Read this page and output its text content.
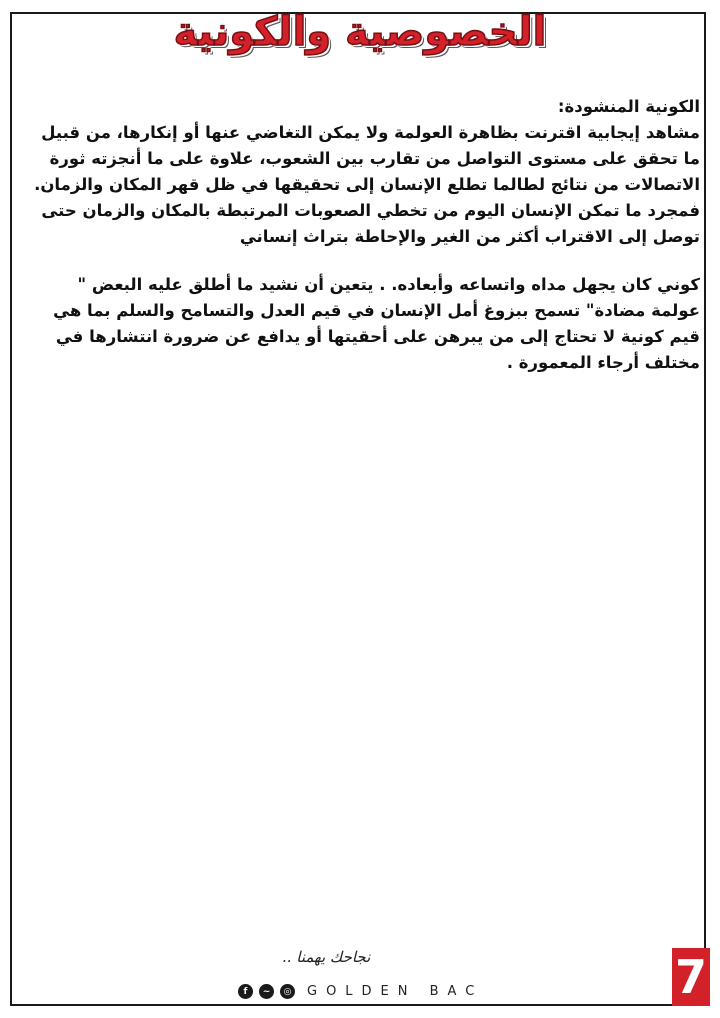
الخصوصية والكونية

الكونية المنشودة:

مشاهد إيجابية اقترنت بظاهرة العولمة ولا يمكن التغاضي عنها أو إنكارها، من قبيل

ما تحقق على مستوى التواصل من تقارب بين الشعوب، علاوة على ما أنجزته ثورة

الاتصالات من نتائج لطالما تطلع الإنسان إلى تحقيقها في ظل قهر المكان والزمان.

فمجرد ما تمكن الإنسان اليوم من تخطي الصعوبات المرتبطة بالمكان والزمان حتى

توصل إلى الاقتراب أكثر من الغير والإحاطة بتراث إنساني

كوني كان يجهل مداه واتساعه وأبعاده. . يتعين أن نشيد ما أطلق عليه البعض "

عولمة مضادة" تسمح ببزوغ أمل الإنسان في قيم العدل والتسامح والسلم بما هي

قيم كونية لا تحتاج إلى من يبرهن على أحقيتها أو يدافع عن ضرورة انتشارها في

مختلف أرجاء المعمورة .

نجاحك يهمنا ..
f	~	◎ GOLDEN BAC	7
